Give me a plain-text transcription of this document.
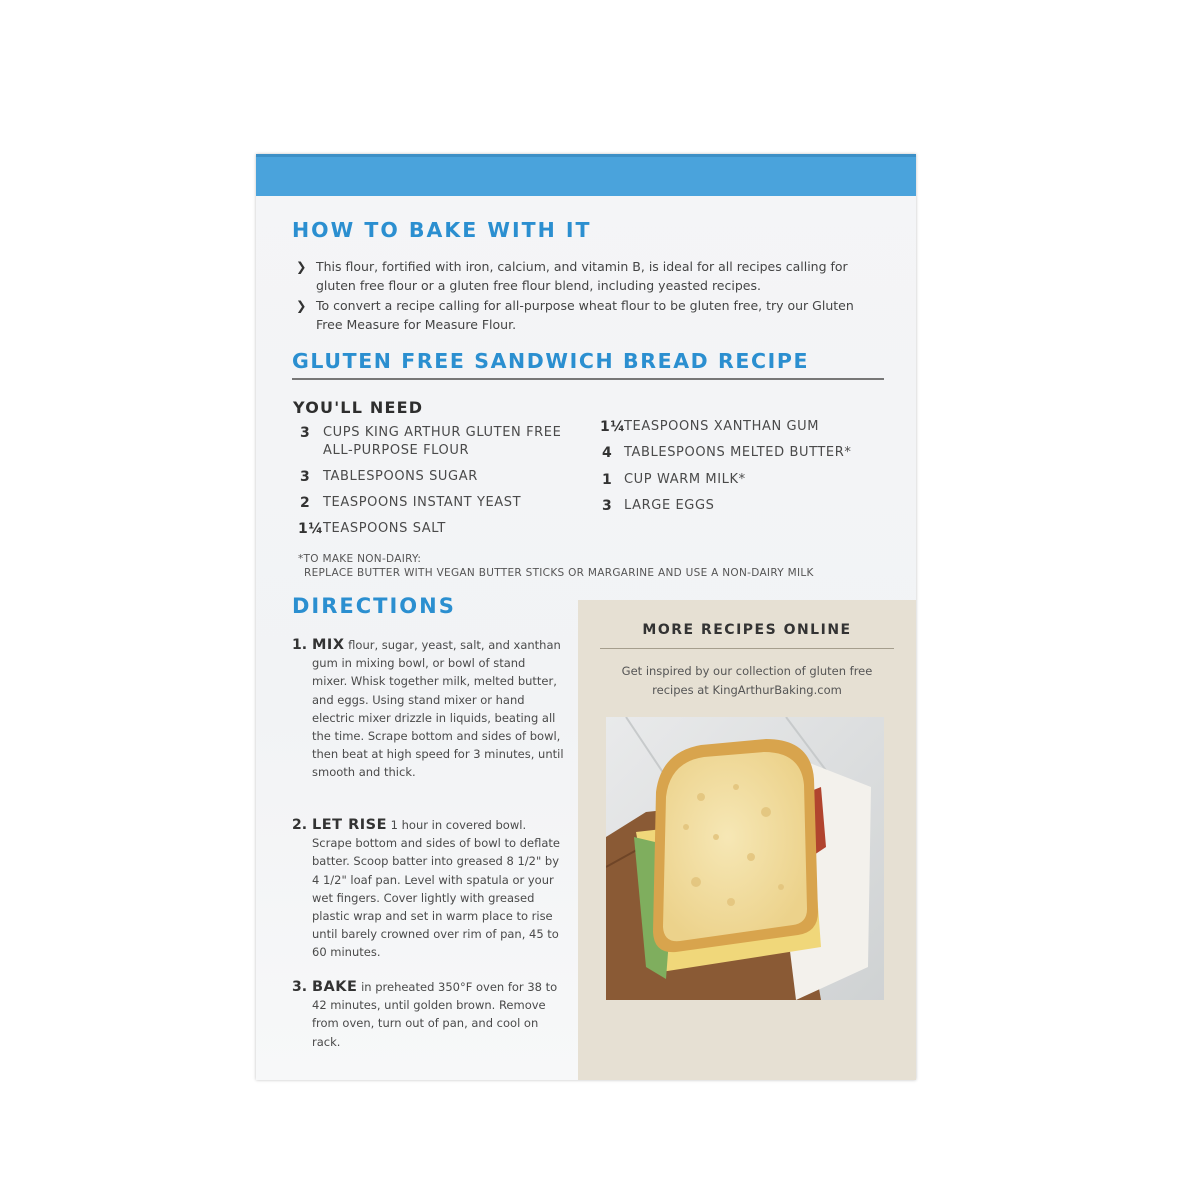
HOW TO BAKE WITH IT
❯ This flour, fortified with iron, calcium, and vitamin B, is ideal for all recipes calling for gluten free flour or a gluten free flour blend, including yeasted recipes.
❯ To convert a recipe calling for all-purpose wheat flour to be gluten free, try our Gluten Free Measure for Measure Flour.
GLUTEN FREE SANDWICH BREAD RECIPE
YOU'LL NEED
3 CUPS KING ARTHUR GLUTEN FREE ALL-PURPOSE FLOUR
3 TABLESPOONS SUGAR
2 TEASPOONS INSTANT YEAST
1¼ TEASPOONS SALT
1¼
TEASPOONS XANTHAN GUM
4 TABLESPOONS MELTED BUTTER*
1 CUP WARM MILK*
3 LARGE EGGS
*TO MAKE NON-DAIRY:
REPLACE BUTTER WITH VEGAN BUTTER STICKS OR MARGARINE AND USE A NON-DAIRY MILK
DIRECTIONS
1. MIX flour, sugar, yeast, salt, and xanthan gum in mixing bowl, or bowl of stand mixer. Whisk together milk, melted butter, and eggs. Using stand mixer or hand electric mixer drizzle in liquids, beating all the time. Scrape bottom and sides of bowl, then beat at high speed for 3 minutes, until smooth and thick.
2. LET RISE 1 hour in covered bowl. Scrape bottom and sides of bowl to deflate batter. Scoop batter into greased 8 1/2" by 4 1/2" loaf pan. Level with spatula or your wet fingers. Cover lightly with greased plastic wrap and set in warm place to rise until barely crowned over rim of pan, 45 to 60 minutes.
3. BAKE in preheated 350°F oven for 38 to 42 minutes, until golden brown. Remove from oven, turn out of pan, and cool on rack.
MORE RECIPES ONLINE
Get inspired by our collection of gluten free recipes at KingArthurBaking.com
